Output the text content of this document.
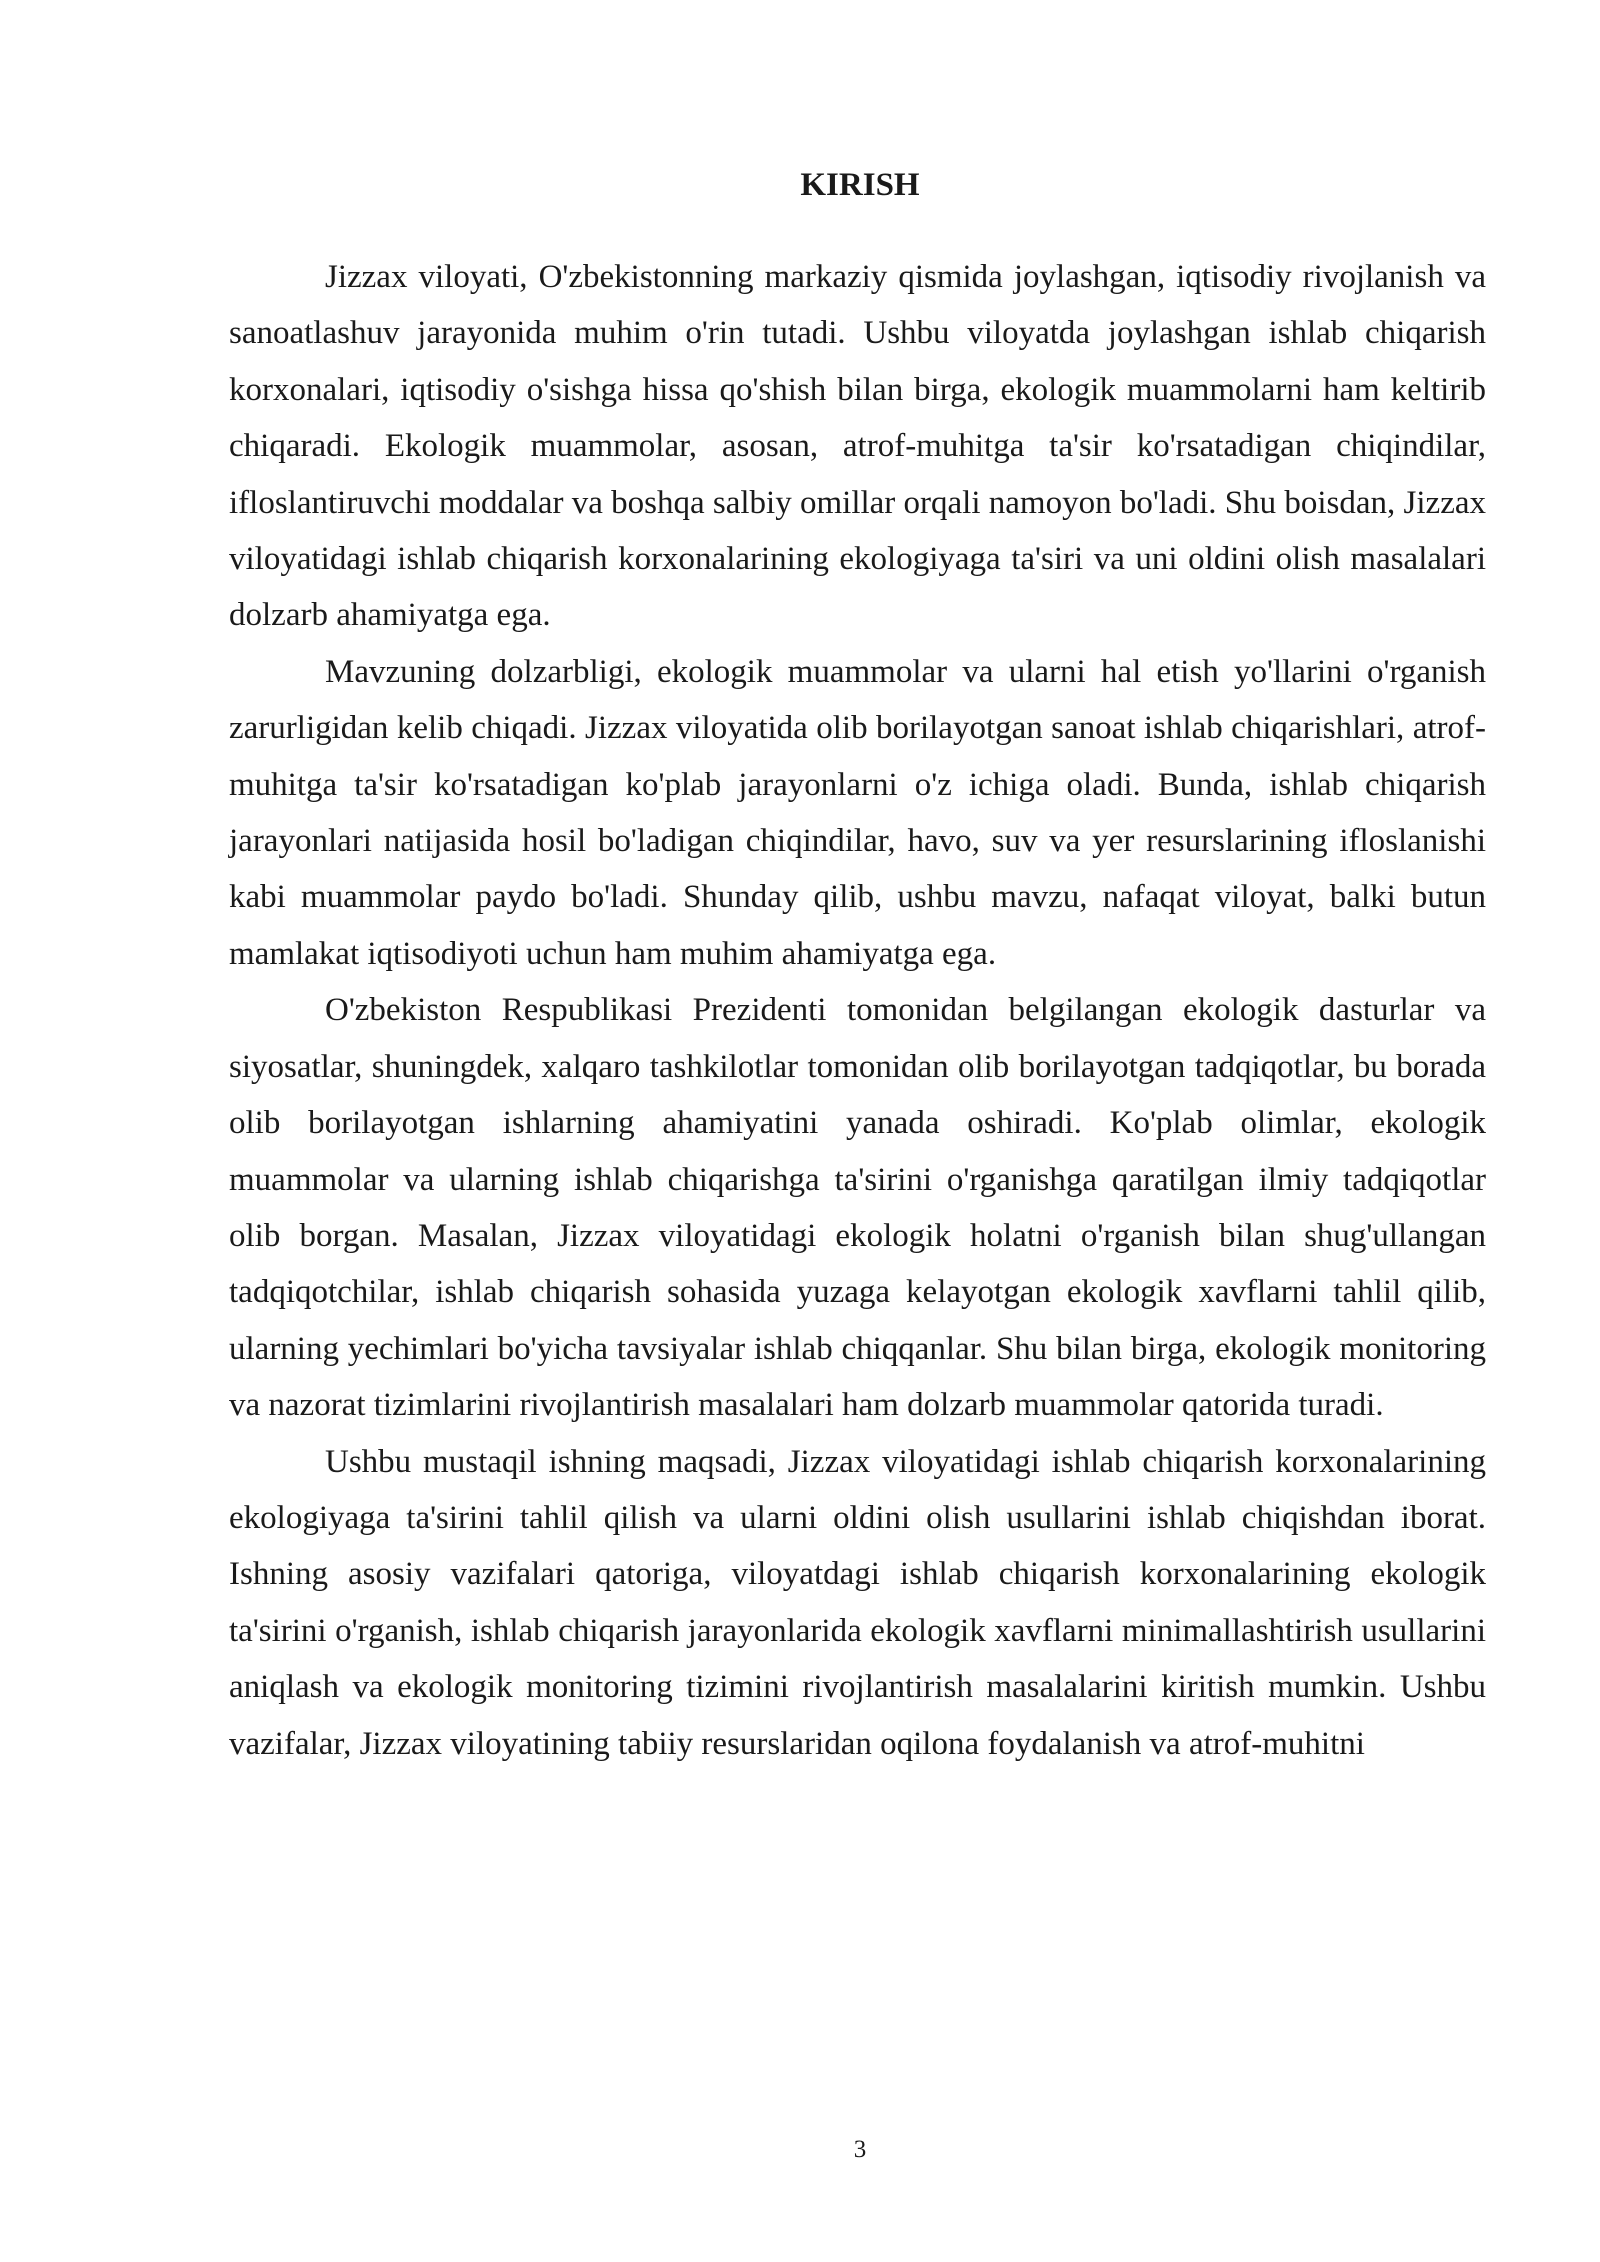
KIRISH

Jizzax viloyati, O'zbekistonning markaziy qismida joylashgan, iqtisodiy rivojlanish va sanoatlashuv jarayonida muhim o'rin tutadi. Ushbu viloyatda joylashgan ishlab chiqarish korxonalari, iqtisodiy o'sishga hissa qo'shish bilan birga, ekologik muammolarni ham keltirib chiqaradi. Ekologik muammolar, asosan, atrof-muhitga ta'sir ko'rsatadigan chiqindilar, ifloslantiruvchi moddalar va boshqa salbiy omillar orqali namoyon bo'ladi. Shu boisdan, Jizzax viloyatidagi ishlab chiqarish korxonalarining ekologiyaga ta'siri va uni oldini olish masalalari dolzarb ahamiyatga ega.

Mavzuning dolzarbligi, ekologik muammolar va ularni hal etish yo'llarini o'rganish zarurligidan kelib chiqadi. Jizzax viloyatida olib borilayotgan sanoat ishlab chiqarishlari, atrof-muhitga ta'sir ko'rsatadigan ko'plab jarayonlarni o'z ichiga oladi. Bunda, ishlab chiqarish jarayonlari natijasida hosil bo'ladigan chiqindilar, havo, suv va yer resurslarining ifloslanishi kabi muammolar paydo bo'ladi. Shunday qilib, ushbu mavzu, nafaqat viloyat, balki butun mamlakat iqtisodiyoti uchun ham muhim ahamiyatga ega.

O'zbekiston Respublikasi Prezidenti tomonidan belgilangan ekologik dasturlar va siyosatlar, shuningdek, xalqaro tashkilotlar tomonidan olib borilayotgan tadqiqotlar, bu borada olib borilayotgan ishlarning ahamiyatini yanada oshiradi. Ko'plab olimlar, ekologik muammolar va ularning ishlab chiqarishga ta'sirini o'rganishga qaratilgan ilmiy tadqiqotlar olib borgan. Masalan, Jizzax viloyatidagi ekologik holatni o'rganish bilan shug'ullangan tadqiqotchilar, ishlab chiqarish sohasida yuzaga kelayotgan ekologik xavflarni tahlil qilib, ularning yechimlari bo'yicha tavsiyalar ishlab chiqqanlar. Shu bilan birga, ekologik monitoring va nazorat tizimlarini rivojlantirish masalalari ham dolzarb muammolar qatorida turadi.

Ushbu mustaqil ishning maqsadi, Jizzax viloyatidagi ishlab chiqarish korxonalarining ekologiyaga ta'sirini tahlil qilish va ularni oldini olish usullarini ishlab chiqishdan iborat. Ishning asosiy vazifalari qatoriga, viloyatdagi ishlab chiqarish korxonalarining ekologik ta'sirini o'rganish, ishlab chiqarish jarayonlarida ekologik xavflarni minimallashtirish usullarini aniqlash va ekologik monitoring tizimini rivojlantirish masalalarini kiritish mumkin. Ushbu vazifalar, Jizzax viloyatining tabiiy resurslaridan oqilona foydalanish va atrof-muhitni

3
